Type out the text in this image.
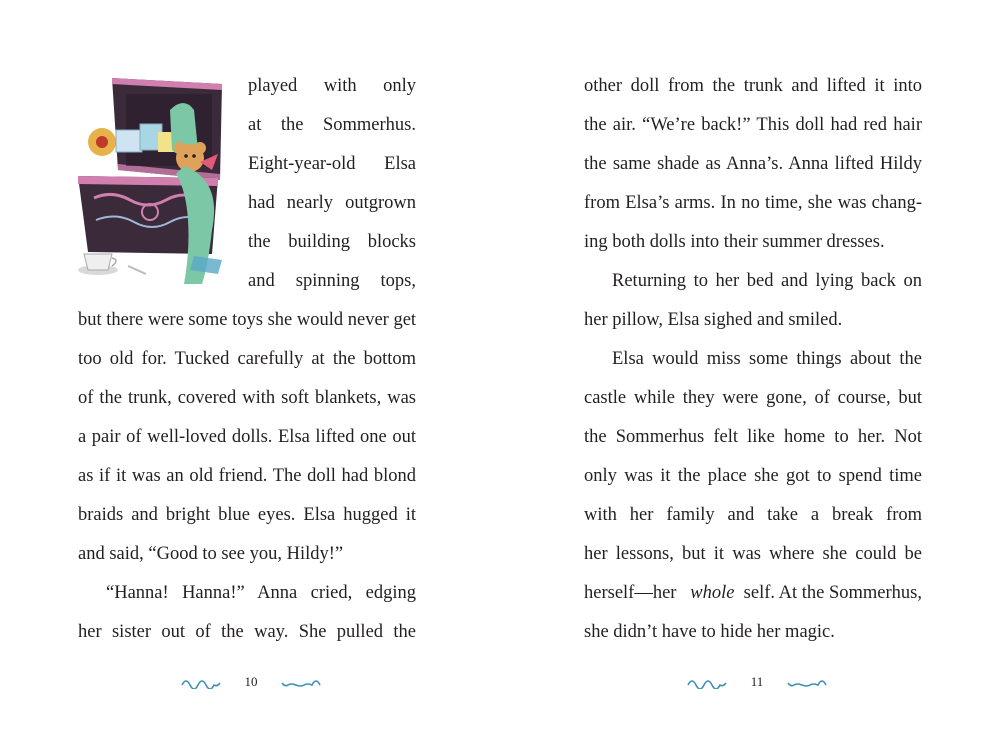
played with only
at the Sommerhus.
Eight-year-old Elsa
had nearly outgrown
the building blocks
and spinning tops,
but there were some toys she would never get
too old for. Tucked carefully at the bottom
of the trunk, covered with soft blankets, was
a pair of well-loved dolls. Elsa lifted one out
as if it was an old friend. The doll had blond
braids and bright blue eyes. Elsa hugged it
and said, “Good to see you, Hildy!”
“Hanna! Hanna!” Anna cried, edging
her sister out of the way. She pulled the
10
other doll from the trunk and lifted it into
the air. “We’re back!” This doll had red hair
the same shade as Anna’s. Anna lifted Hildy
from Elsa’s arms. In no time, she was chang-
ing both dolls into their summer dresses.
Returning to her bed and lying back on
her pillow, Elsa sighed and smiled.
Elsa would miss some things about the
castle while they were gone, of course, but
the Sommerhus felt like home to her. Not
only was it the place she got to spend time
with her family and take a break from
her lessons, but it was where she could be
herself—her whole self. At the Sommerhus,
she didn’t have to hide her magic.
11
